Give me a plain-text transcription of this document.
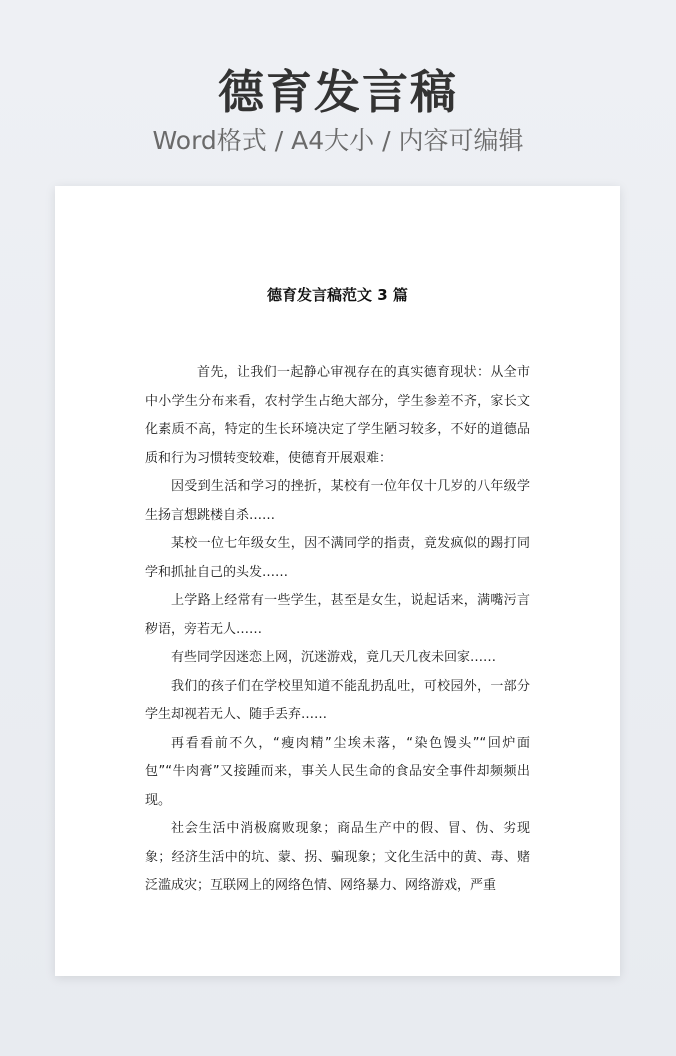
德育发言稿
Word格式 / A4大小 / 内容可编辑
德育发言稿范文 3 篇

首先，让我们一起静心审视存在的真实德育现状：从全市中小学生分布来看，农村学生占绝大部分，学生参差不齐，家长文化素质不高，特定的生长环境决定了学生陋习较多，不好的道德品质和行为习惯转变较难，使德育开展艰难：

因受到生活和学习的挫折，某校有一位年仅十几岁的八年级学生扬言想跳楼自杀……

某校一位七年级女生，因不满同学的指责，竟发疯似的踢打同学和抓扯自己的头发……

上学路上经常有一些学生，甚至是女生，说起话来，满嘴污言秽语，旁若无人……

有些同学因迷恋上网，沉迷游戏，竟几天几夜未回家……

我们的孩子们在学校里知道不能乱扔乱吐，可校园外，一部分学生却视若无人、随手丢弃……

再看看前不久，“瘦肉精”尘埃未落，“染色馒头”“回炉面包”“牛肉膏”又接踵而来，事关人民生命的食品安全事件却频频出现。

社会生活中消极腐败现象；商品生产中的假、冒、伪、劣现象；经济生活中的坑、蒙、拐、骗现象；文化生活中的黄、毒、赌泛滥成灾；互联网上的网络色情、网络暴力、网络游戏，严重
